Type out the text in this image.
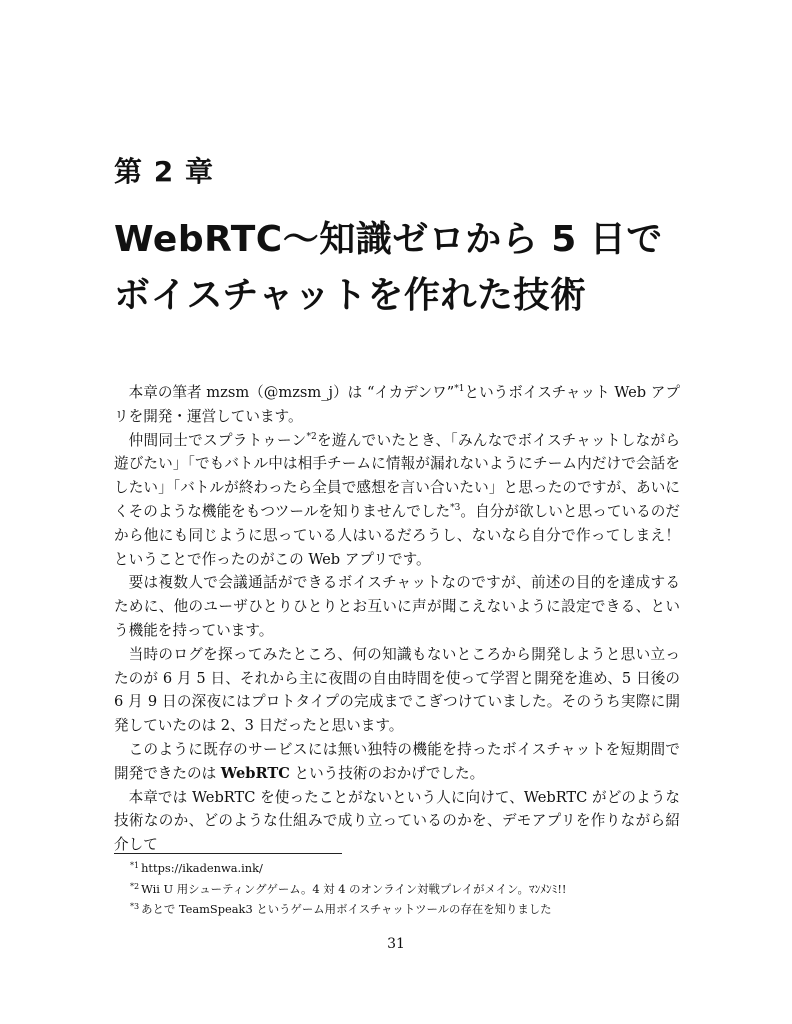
第 2 章
WebRTC〜知識ゼロから 5 日でボイスチャットを作れた技術

本章の筆者 mzsm（@mzsm_j）は “イカデンワ”$^{*1}$というボイスチャット Web アプリを開発・運営しています。

仲間同士でスプラトゥーン$^{*2}$を遊んでいたとき、「みんなでボイスチャットしながら遊びたい」「でもバトル中は相手チームに情報が漏れないようにチーム内だけで会話をしたい」「バトルが終わったら全員で感想を言い合いたい」と思ったのですが、あいにくそのような機能をもつツールを知りませんでした$^{*3}$。自分が欲しいと思っているのだから他にも同じように思っている人はいるだろうし、ないなら自分で作ってしまえ！ ということで作ったのがこの Web アプリです。

要は複数人で会議通話ができるボイスチャットなのですが、前述の目的を達成するために、他のユーザひとりひとりとお互いに声が聞こえないように設定できる、という機能を持っています。

当時のログを探ってみたところ、何の知識もないところから開発しようと思い立ったのが 6 月 5 日、それから主に夜間の自由時間を使って学習と開発を進め、5 日後の 6 月 9 日の深夜にはプロトタイプの完成までこぎつけていました。そのうち実際に開発していたのは 2、3 日だったと思います。

このように既存のサービスには無い独特の機能を持ったボイスチャットを短期間で開発できたのは WebRTC という技術のおかげでした。

本章では WebRTC を使ったことがないという人に向けて、WebRTC がどのような技術なのか、どのような仕組みで成り立っているのかを、デモアプリを作りながら紹介して

$^{*1}$ https://ikadenwa.ink/
$^{*2}$ Wii U 用シューティングゲーム。4 対 4 のオンライン対戦プレイがメイン。ﾏﾝﾒﾝﾐ!!
$^{*3}$ あとで TeamSpeak3 というゲーム用ボイスチャットツールの存在を知りました
31
